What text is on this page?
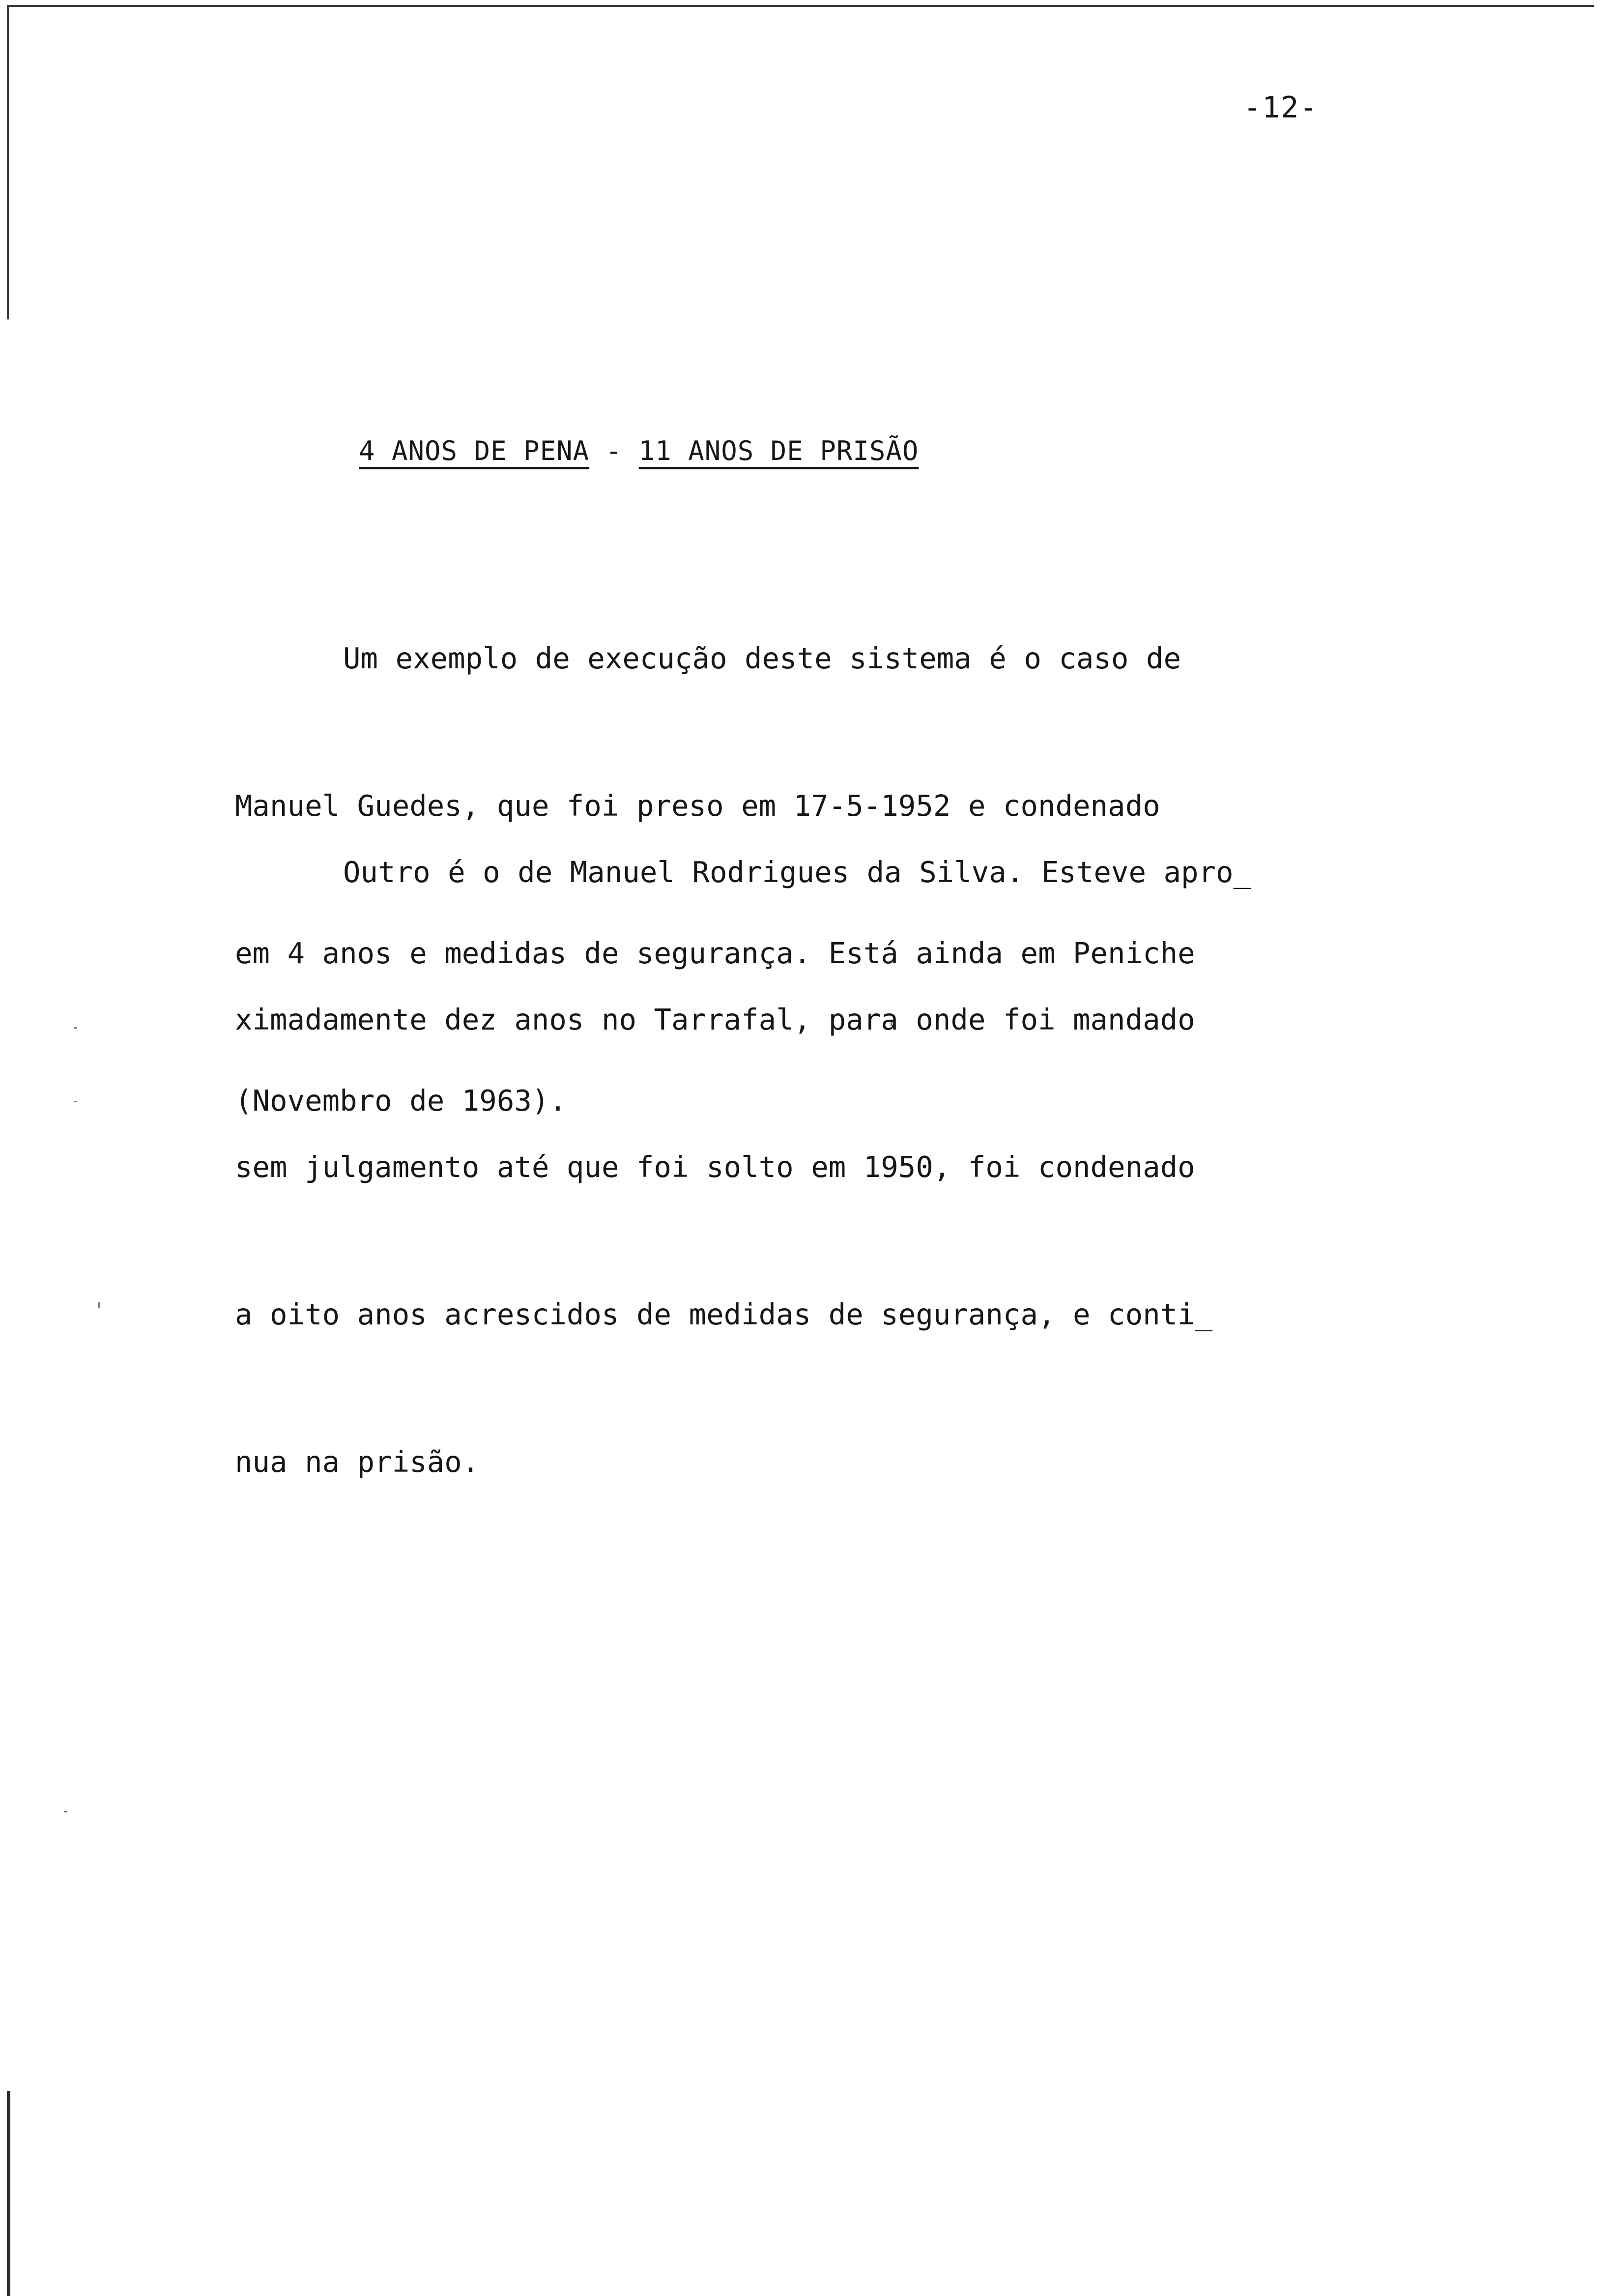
-12-
4 ANOS DE PENA - 11 ANOS DE PRISÃO

Um exemplo de execução deste sistema é o caso de

Manuel Guedes, que foi preso em 17-5-1952 e condenado

em 4 anos e medidas de segurança. Está ainda em Peniche

(Novembro de 1963).

Outro é o de Manuel Rodrigues da Silva. Esteve apro_

ximadamente dez anos no Tarrafal, para onde foi mandado

sem julgamento até que foi solto em 1950, foi condenado

a oito anos acrescidos de medidas de segurança, e conti_

nua na prisão.
